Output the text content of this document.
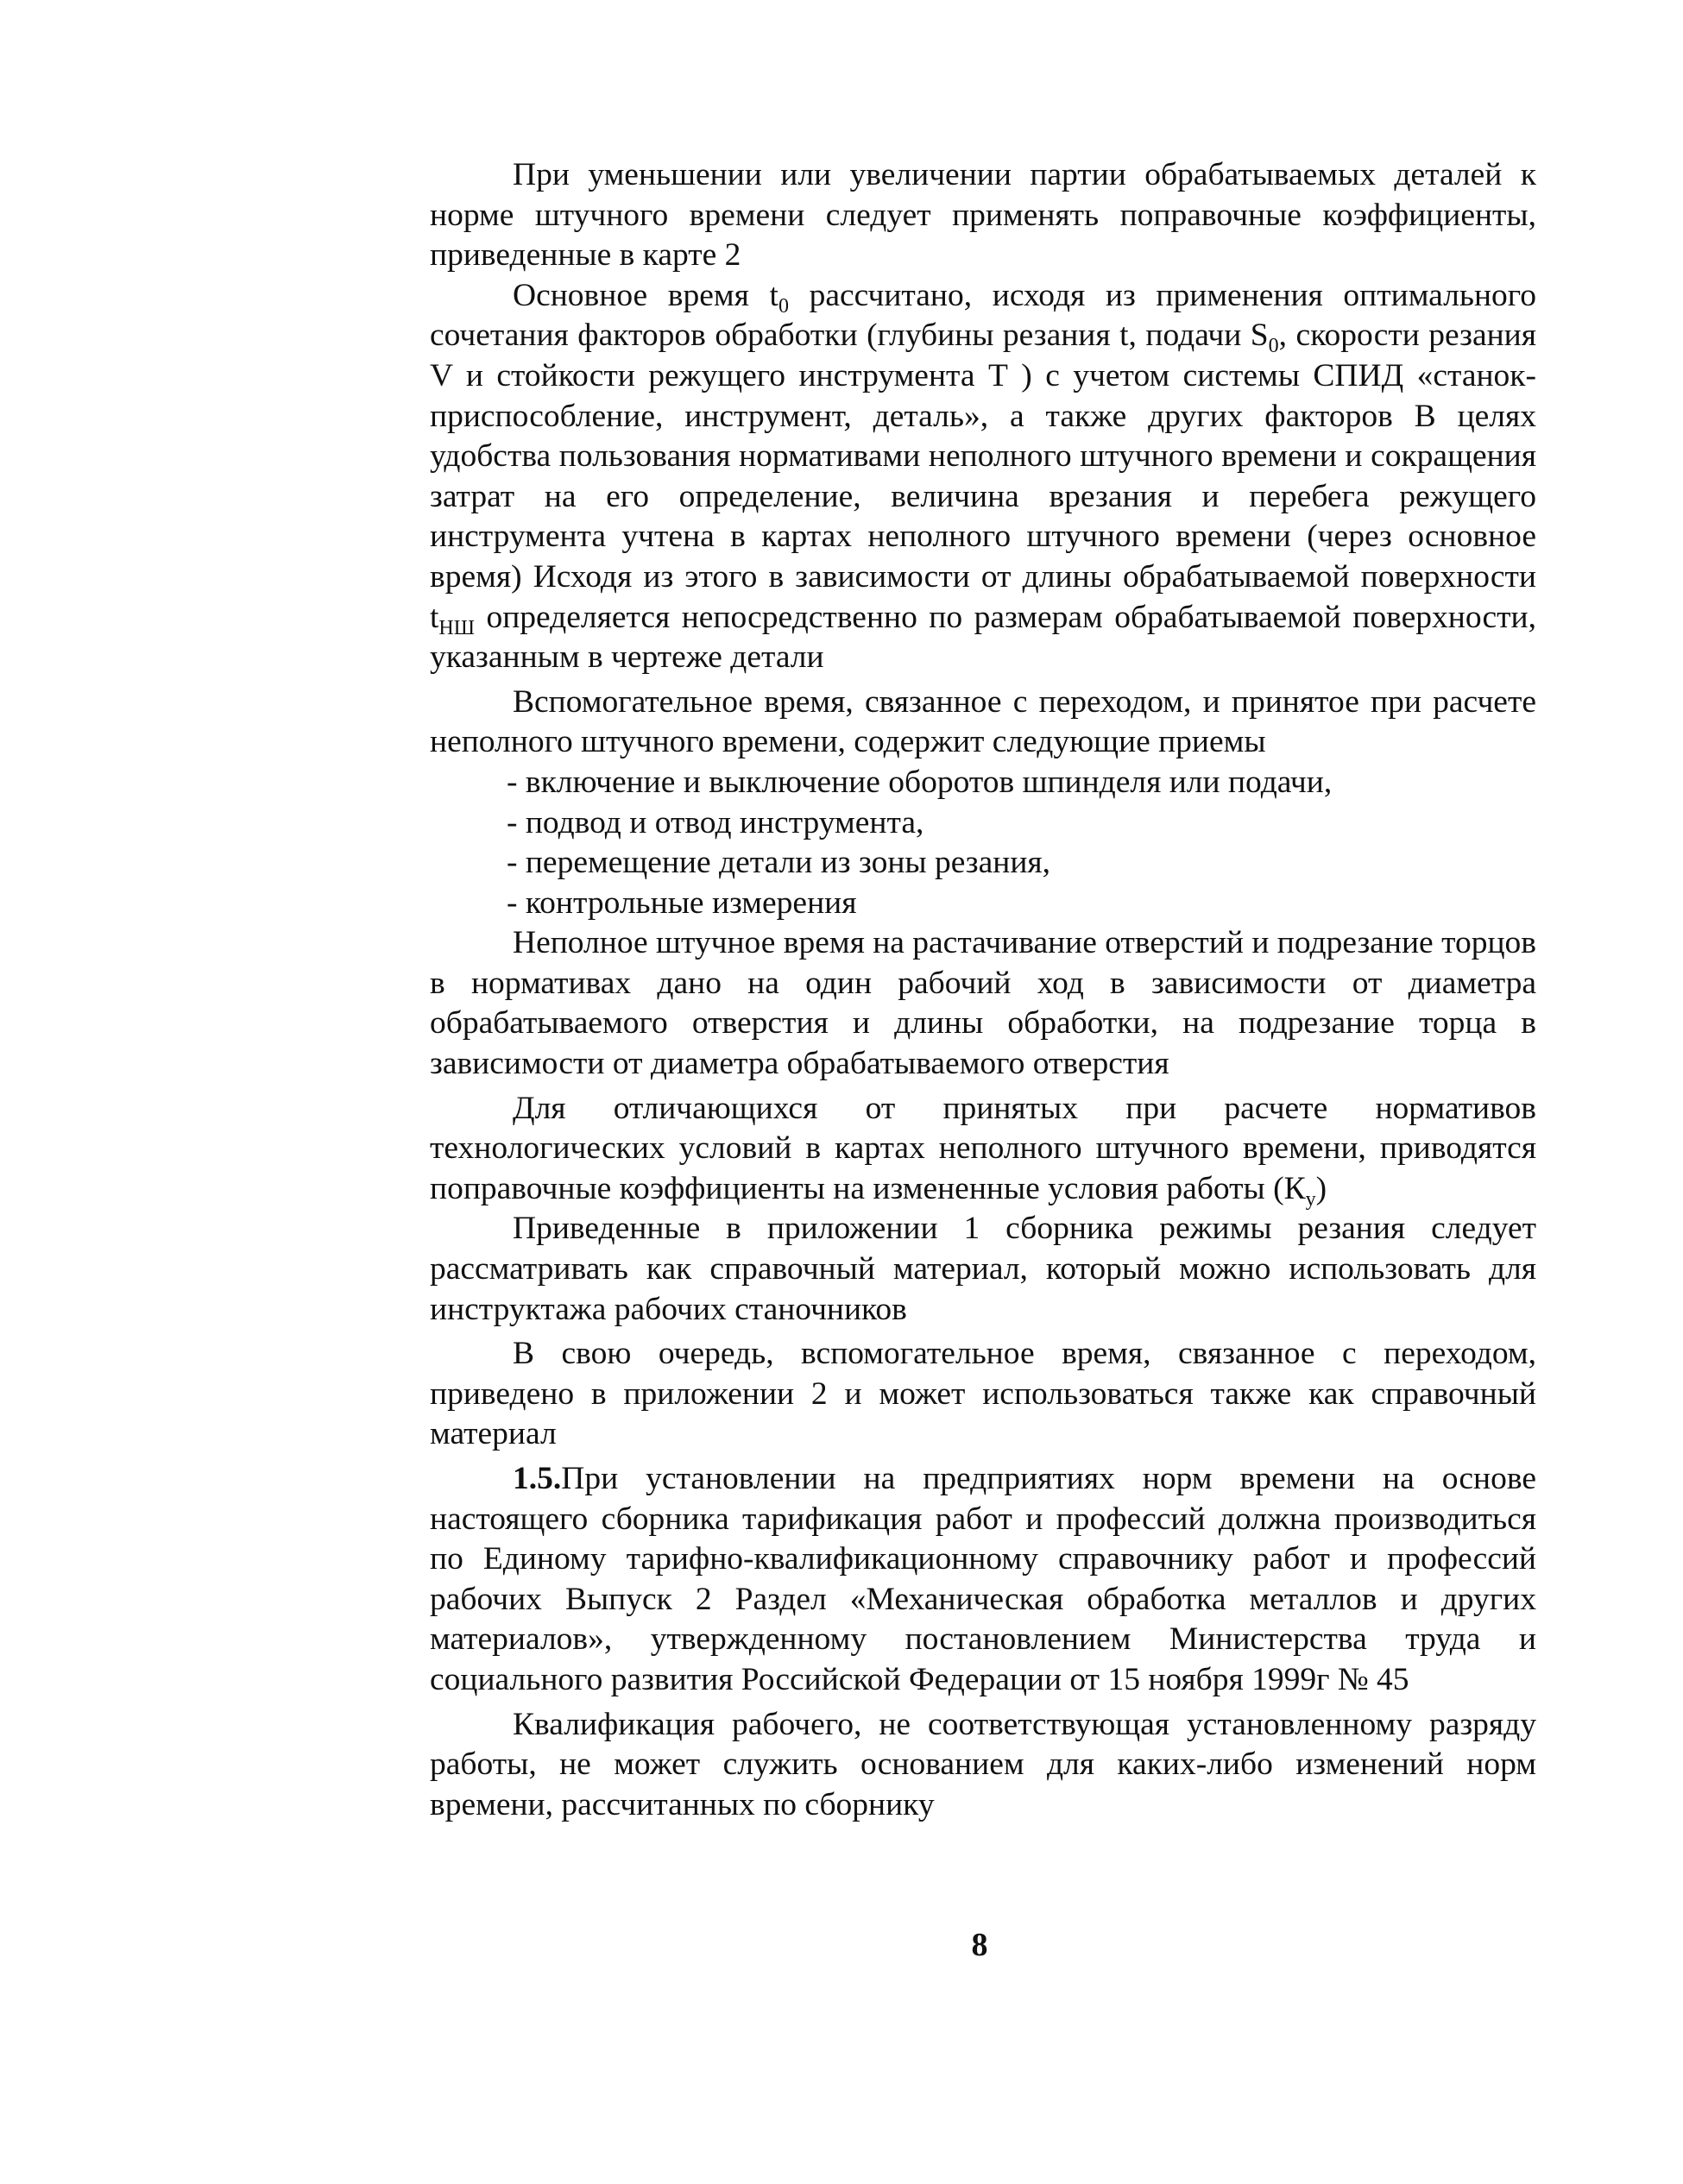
При уменьшении или увеличении партии обрабатываемых деталей к норме штучного времени следует применять поправочные коэффициенты, приведенные в карте 2

Основное время $t_0$ рассчитано, исходя из применения оптимального сочетания факторов обработки (глубины резания t, подачи $S_0$, скорости резания V и стойкости режущего инструмента Т ) с учетом системы СПИД «станок-приспособление, инструмент, деталь», а также других факторов В целях удобства пользования нормативами неполного штучного времени и сокращения затрат на его определение, величина врезания и перебега режущего инструмента учтена в картах неполного штучного времени (через основное время) Исходя из этого в зависимости от длины обрабатываемой поверхности $t_{НШ}$ определяется непосредственно по размерам обрабатываемой поверхности, указанным в чертеже детали

Вспомогательное время, связанное с переходом, и принятое при расчете неполного штучного времени, содержит следующие приемы

- включение и выключение оборотов шпинделя или подачи,

- подвод и отвод инструмента,

- перемещение детали из зоны резания,

- контрольные измерения

Неполное штучное время на растачивание отверстий и подрезание торцов в нормативах дано на один рабочий ход в зависимости от диаметра обрабатываемого отверстия и длины обработки, на подрезание торца в зависимости от диаметра обрабатываемого отверстия

Для отличающихся от принятых при расчете нормативов технологических условий в картах неполного штучного времени, приводятся поправочные коэффициенты на измененные условия работы $(К_у)$

Приведенные в приложении 1 сборника режимы резания следует рассматривать как справочный материал, который можно использовать для инструктажа рабочих станочников

В свою очередь, вспомогательное время, связанное с переходом, приведено в приложении 2 и может использоваться также как справочный материал

1.5.При установлении на предприятиях норм времени на основе настоящего сборника тарификация работ и профессий должна производиться по Единому тарифно-квалификационному справочнику работ и профессий рабочих Выпуск 2 Раздел «Механическая обработка металлов и других материалов», утвержденному постановлением Министерства труда и социального развития Российской Федерации от 15 ноября 1999г № 45

Квалификация рабочего, не соответствующая установленному разряду работы, не может служить основанием для каких-либо изменений норм времени, рассчитанных по сборнику

8
